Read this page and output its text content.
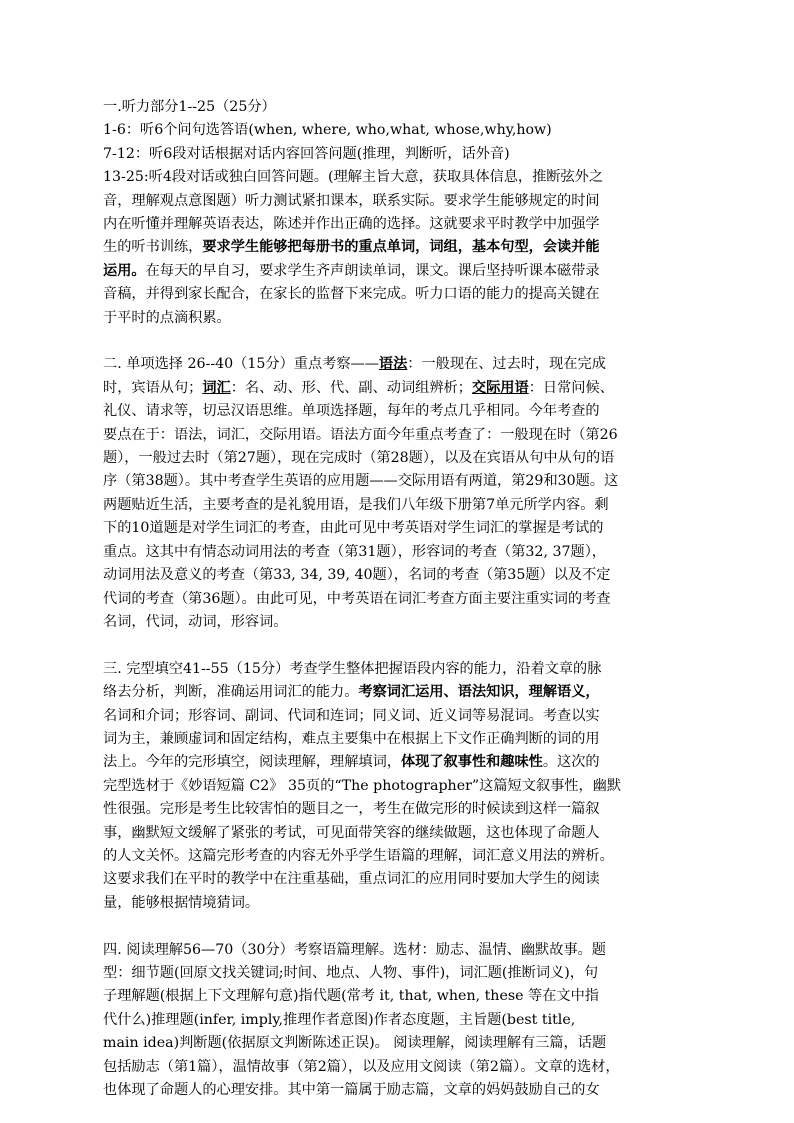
一.听力部分1--25（25分）
1-6：听6个问句选答语(when, where, who,what, whose,why,how)
7-12：听6段对话根据对话内容回答问题(推理，判断听，话外音)
13-25:听4段对话或独白回答问题。(理解主旨大意，获取具体信息，推断弦外之
音，理解观点意图题）听力测试紧扣课本，联系实际。要求学生能够规定的时间
内在听懂并理解英语表达，陈述并作出正确的选择。这就要求平时教学中加强学
生的听书训练，要求学生能够把每册书的重点单词，词组，基本句型，会读并能
运用。在每天的早自习，要求学生齐声朗读单词，课文。课后坚持听课本磁带录
音稿，并得到家长配合，在家长的监督下来完成。听力口语的能力的提高关键在
于平时的点滴积累。
二. 单项选择 26--40（15分）重点考察——语法：一般现在、过去时，现在完成
时，宾语从句；词汇：名、动、形、代、副、动词组辨析；交际用语：日常问候、
礼仪、请求等，切忌汉语思维。单项选择题，每年的考点几乎相同。今年考查的
要点在于：语法，词汇，交际用语。语法方面今年重点考查了：一般现在时（第26
题），一般过去时（第27题），现在完成时（第28题），以及在宾语从句中从句的语
序（第38题）。其中考查学生英语的应用题——交际用语有两道，第29和30题。这
两题贴近生活，主要考查的是礼貌用语，是我们八年级下册第7单元所学内容。剩
下的10道题是对学生词汇的考查，由此可见中考英语对学生词汇的掌握是考试的
重点。这其中有情态动词用法的考查（第31题），形容词的考查（第32, 37题），
动词用法及意义的考查（第33, 34, 39, 40题），名词的考查（第35题）以及不定
代词的考查（第36题）。由此可见，中考英语在词汇考查方面主要注重实词的考查
名词，代词，动词，形容词。
三. 完型填空41--55（15分）考查学生整体把握语段内容的能力，沿着文章的脉
络去分析，判断，准确运用词汇的能力。考察词汇运用、语法知识，理解语义，
名词和介词；形容词、副词、代词和连词；同义词、近义词等易混词。考查以实
词为主，兼顾虚词和固定结构，难点主要集中在根据上下文作正确判断的词的用
法上。今年的完形填空，阅读理解，理解填词，体现了叙事性和趣味性。这次的
完型选材于《妙语短篇 C2》 35页的“The photographer”这篇短文叙事性，幽默
性很强。完形是考生比较害怕的题目之一，考生在做完形的时候读到这样一篇叙
事，幽默短文缓解了紧张的考试，可见面带笑容的继续做题，这也体现了命题人
的人文关怀。这篇完形考查的内容无外乎学生语篇的理解，词汇意义用法的辨析。
这要求我们在平时的教学中在注重基础，重点词汇的应用同时要加大学生的阅读
量，能够根据情境猜词。
四. 阅读理解56—70（30分）考察语篇理解。选材：励志、温情、幽默故事。题
型：细节题(回原文找关键词;时间、地点、人物、事件)，词汇题(推断词义)，句
子理解题(根据上下文理解句意)指代题(常考 it, that, when, these 等在文中指
代什么)推理题(infer, imply,推理作者意图)作者态度题，主旨题(best title,
main idea)判断题(依据原文判断陈述正误)。 阅读理解，阅读理解有三篇，话题
包括励志（第1篇），温情故事（第2篇），以及应用文阅读（第2篇）。文章的选材，
也体现了命题人的心理安排。其中第一篇属于励志篇，文章的妈妈鼓励自己的女
